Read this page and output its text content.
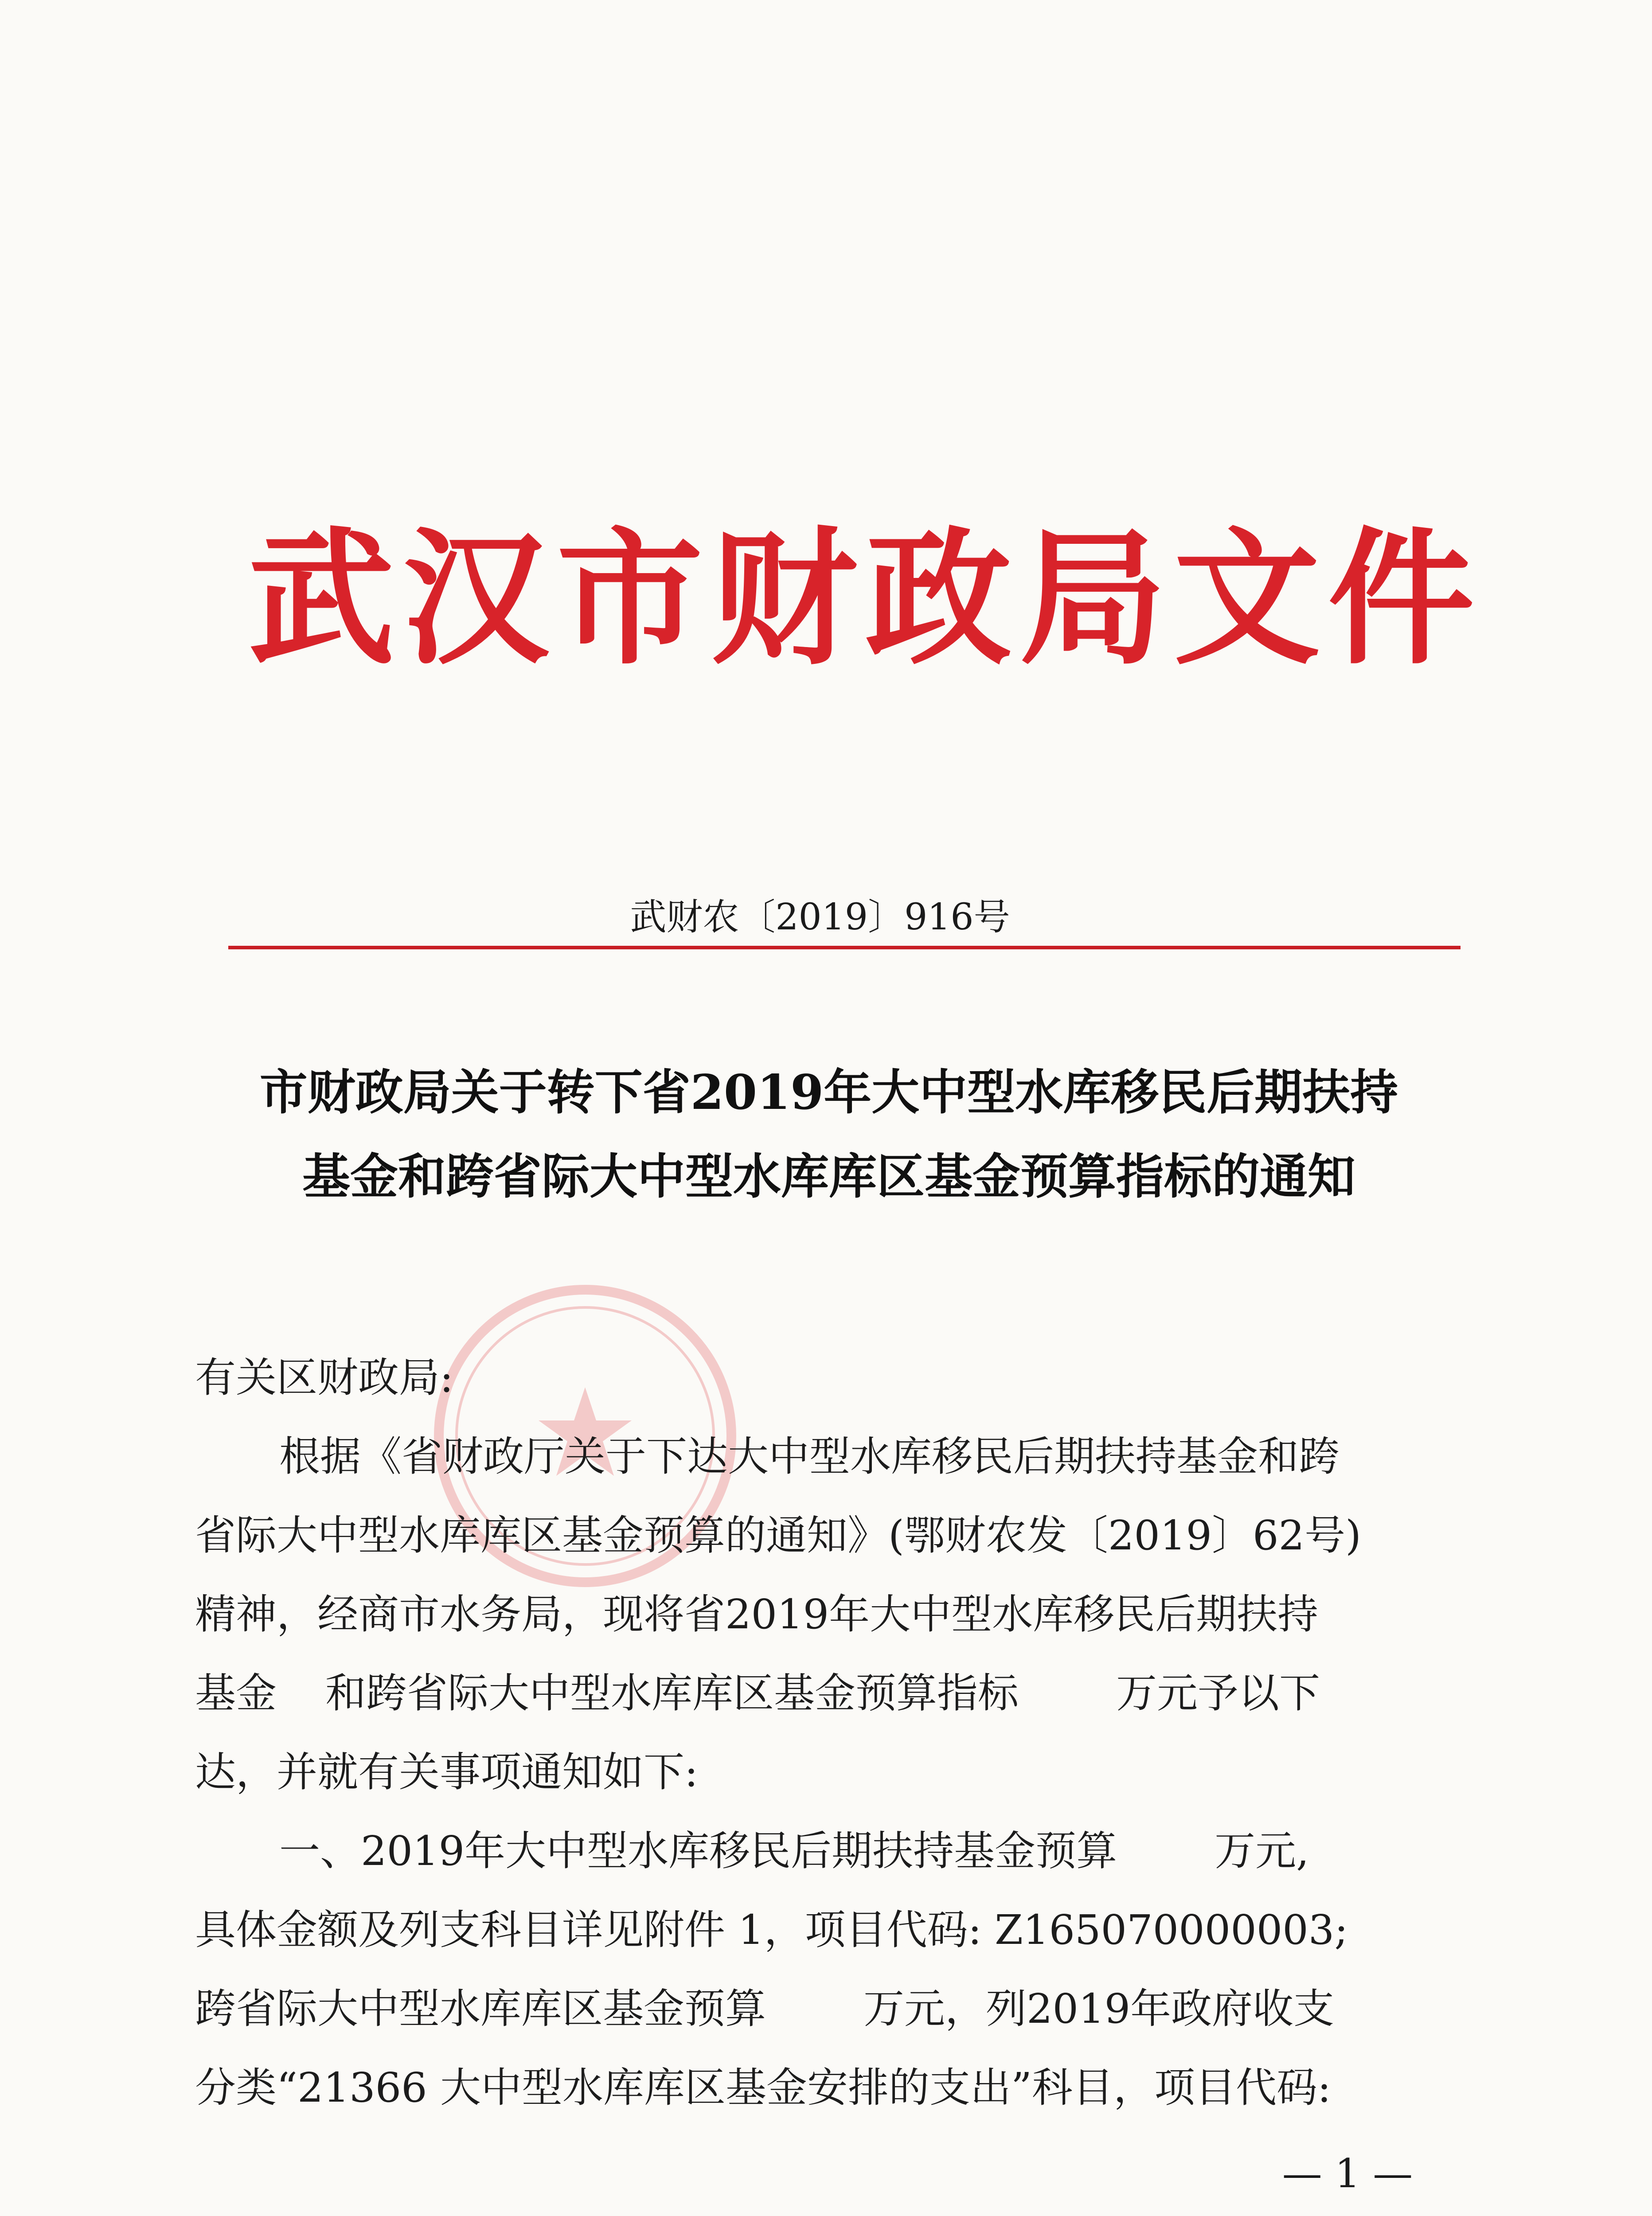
武汉市财政局文件
武财农〔2019〕916号
市财政局关于转下省2019年大中型水库移民后期扶持
基金和跨省际大中型水库库区基金预算指标的通知
有关区财政局:
根据《省财政厅关于下达大中型水库移民后期扶持基金和跨
省际大中型水库库区基金预算的通知》(鄂财农发〔2019〕62号)
精神，经商市水务局，现将省2019年大中型水库移民后期扶持
基金 和跨省际大中型水库库区基金预算指标 万元予以下
达，并就有关事项通知如下:
一、2019年大中型水库移民后期扶持基金预算 万元,
具体金额及列支科目详见附件 1，项目代码: Z165070000003;
跨省际大中型水库库区基金预算 万元，列2019年政府收支
分类“21366 大中型水库库区基金安排的支出”科目，项目代码:
— 1 —
